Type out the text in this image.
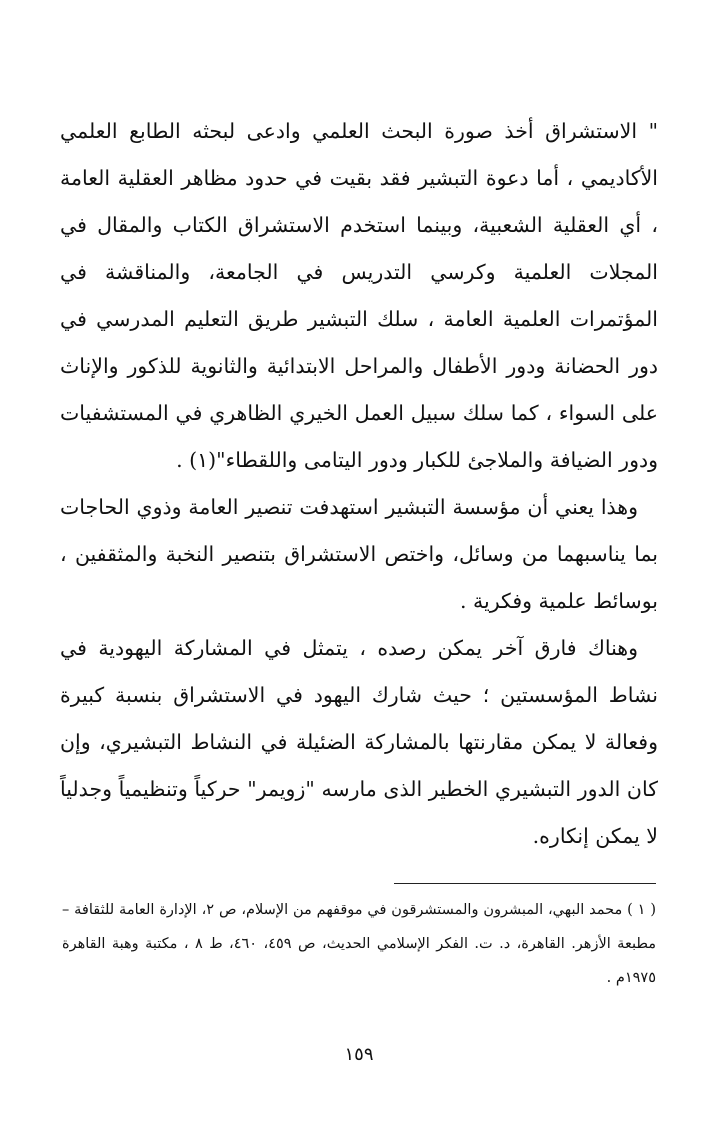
" الاستشراق أخذ صورة البحث العلمي وادعى لبحثه الطابع العلمي الأكاديمي ، أما دعوة التبشير فقد بقيت في حدود مظاهر العقلية العامة ، أي العقلية الشعبية، وبينما استخدم الاستشراق الكتاب والمقال في المجلات العلمية وكرسي التدريس في الجامعة، والمناقشة في المؤتمرات العلمية العامة ، سلك التبشير طريق التعليم المدرسي في دور الحضانة ودور الأطفال والمراحل الابتدائية والثانوية للذكور والإناث على السواء ، كما سلك سبيل العمل الخيري الظاهري في المستشفيات ودور الضيافة والملاجئ للكبار ودور اليتامى واللقطاء"(١) .

وهذا يعني أن مؤسسة التبشير استهدفت تنصير العامة وذوي الحاجات بما يناسبهما من وسائل، واختص الاستشراق بتنصير النخبة والمثقفين ، بوسائط علمية وفكرية .

وهناك فارق آخر يمكن رصده ، يتمثل في المشاركة اليهودية في نشاط المؤسستين ؛ حيث شارك اليهود في الاستشراق بنسبة كبيرة وفعالة لا يمكن مقارنتها بالمشاركة الضئيلة في النشاط التبشيري، وإن كان الدور التبشيري الخطير الذى مارسه "زويمر" حركياً وتنظيمياً وجدلياً لا يمكن إنكاره.

( ١ ) محمد البهي، المبشرون والمستشرقون في موقفهم من الإسلام، ص ٢، الإدارة العامة للثقافة – مطبعة الأزهر. القاهرة، د. ت. الفكر الإسلامي الحديث، ص ٤٥٩، ٤٦٠، ط ٨ ، مكتبة وهبة القاهرة ١٩٧٥م .

١٥٩
